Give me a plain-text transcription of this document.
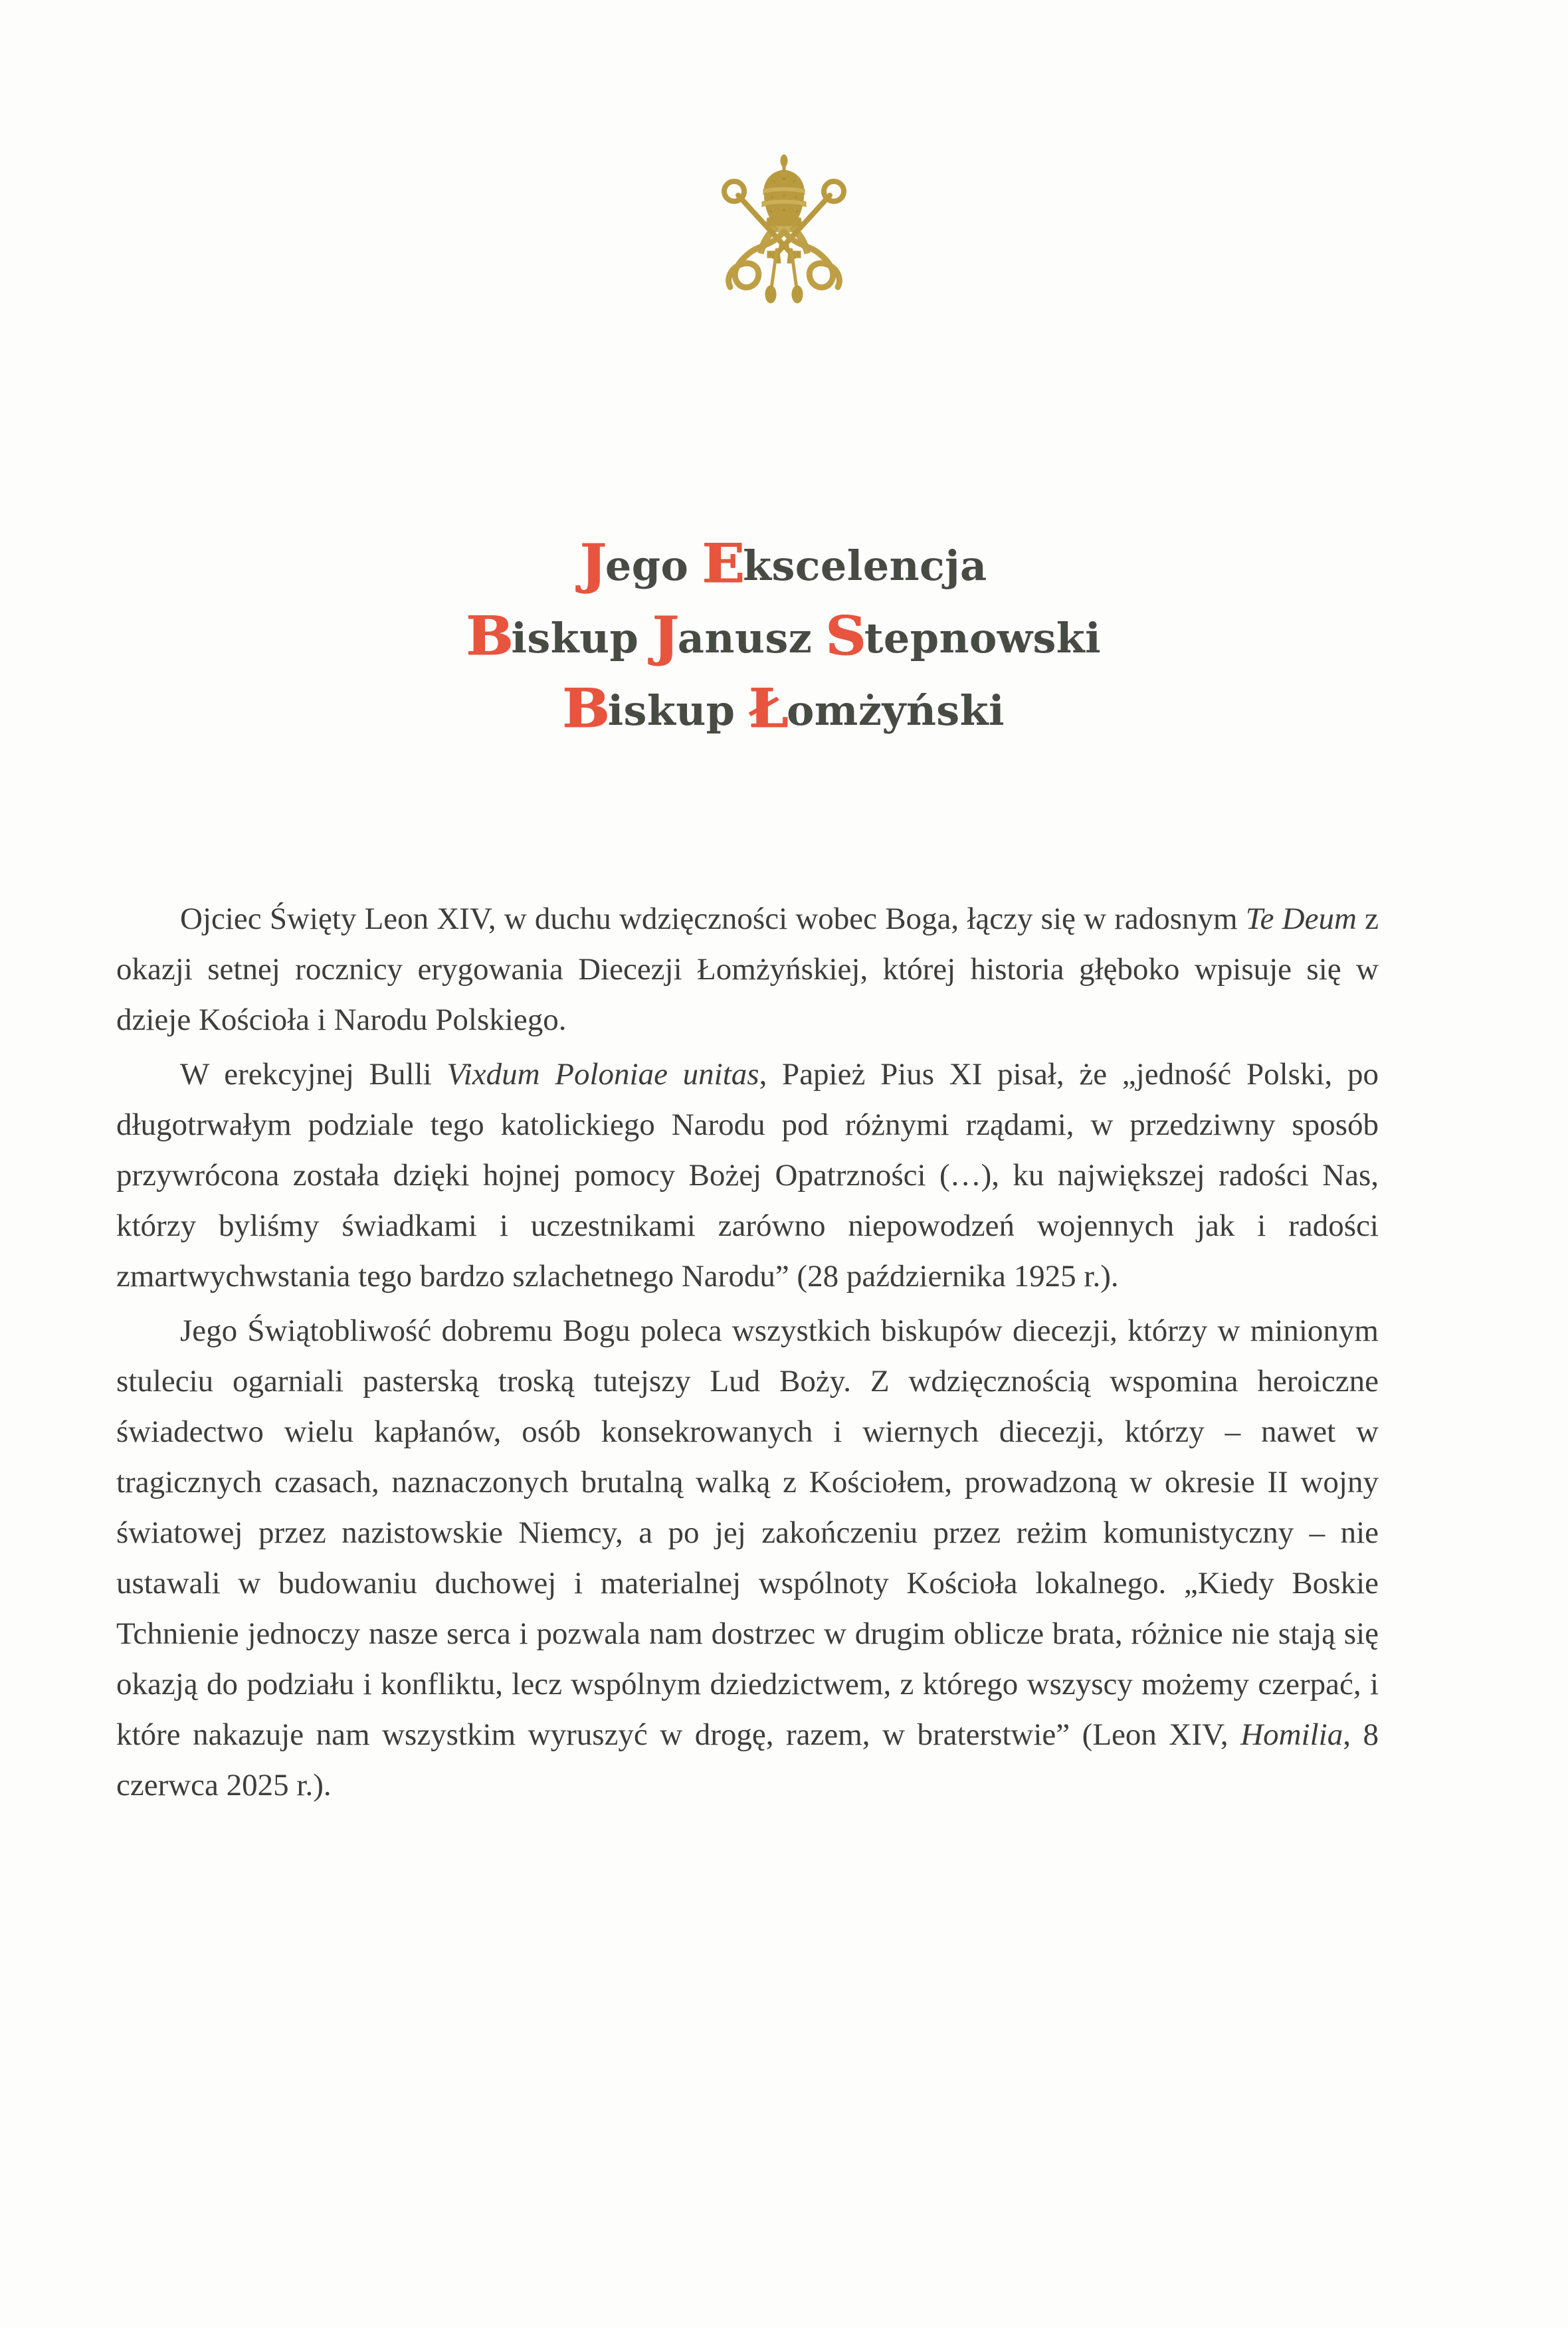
Jego Ekscelencja
Biskup Janusz Stepnowski
Biskup Łomżyński

Ojciec Święty Leon XIV, w duchu wdzięczności wobec Boga, łączy się w radosnym Te Deum z okazji setnej rocznicy erygowania Diecezji Łomżyńskiej, której historia głęboko wpisuje się w dzieje Kościoła i Narodu Polskiego.

W erekcyjnej Bulli Vixdum Poloniae unitas, Papież Pius XI pisał, że „jedność Polski, po długotrwałym podziale tego katolickiego Narodu pod różnymi rządami, w przedziwny sposób przywrócona została dzięki hojnej pomocy Bożej Opatrzności (…), ku największej radości Nas, którzy byliśmy świadkami i uczestnikami zarówno niepowodzeń wojennych jak i radości zmartwychwstania tego bardzo szlachetnego Narodu” (28 października 1925 r.).

Jego Świątobliwość dobremu Bogu poleca wszystkich biskupów diecezji, którzy w minionym stuleciu ogarniali pasterską troską tutejszy Lud Boży. Z wdzięcznością wspomina heroiczne świadectwo wielu kapłanów, osób konsekrowanych i wiernych diecezji, którzy – nawet w tragicznych czasach, naznaczonych brutalną walką z Kościołem, prowadzoną w okresie II wojny światowej przez nazistowskie Niemcy, a po jej zakończeniu przez reżim komunistyczny – nie ustawali w budowaniu duchowej i materialnej wspólnoty Kościoła lokalnego. „Kiedy Boskie Tchnienie jednoczy nasze serca i pozwala nam dostrzec w drugim oblicze brata, różnice nie stają się okazją do podziału i konfliktu, lecz wspólnym dziedzictwem, z którego wszyscy możemy czerpać, i które nakazuje nam wszystkim wyruszyć w drogę, razem, w braterstwie” (Leon XIV, Homilia, 8 czerwca 2025 r.).
